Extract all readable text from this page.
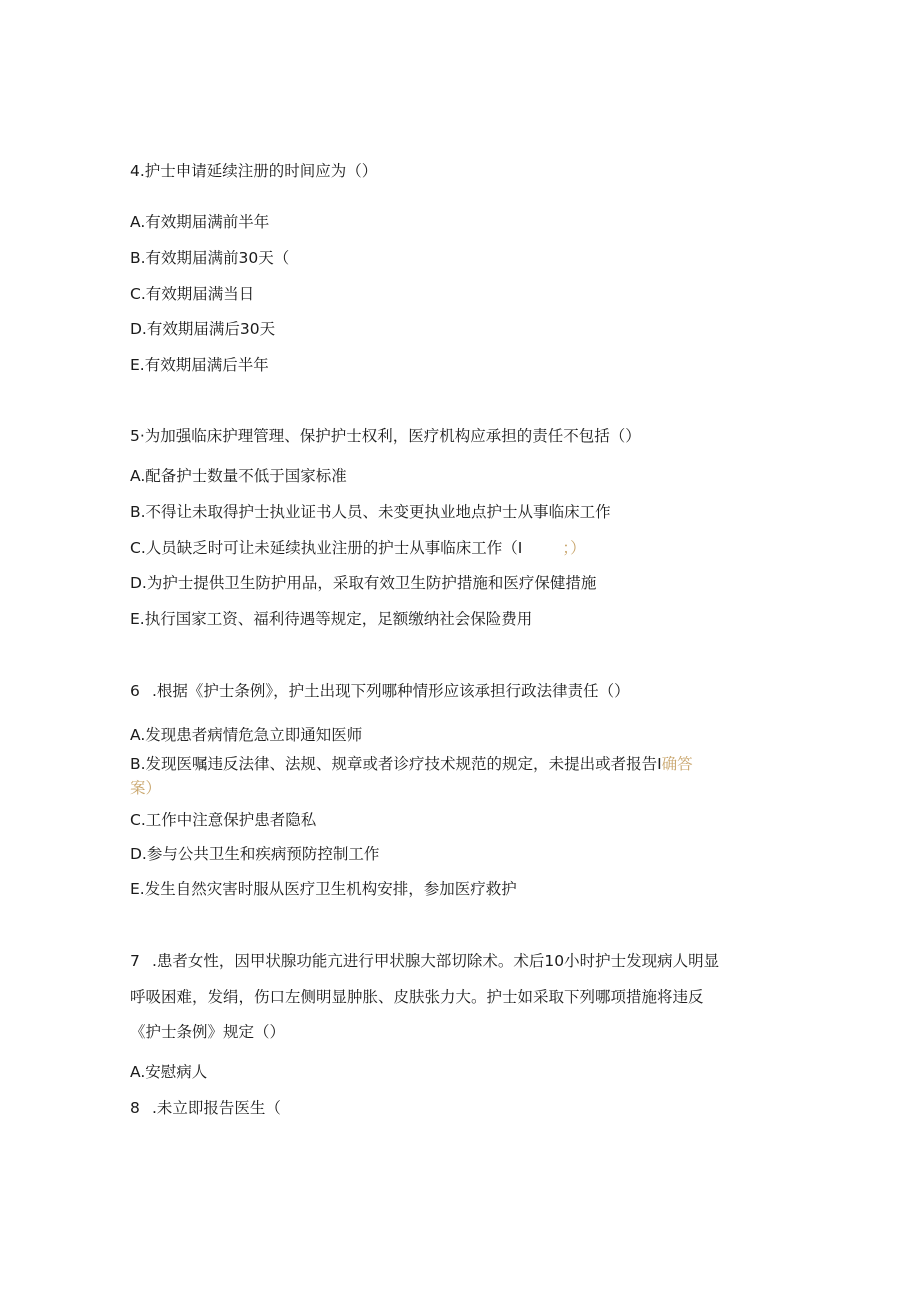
4.护士申请延续注册的时间应为（）
A.有效期届满前半年
B.有效期届满前30天（
C.有效期届满当日
D.有效期届满后30天
E.有效期届满后半年
5·为加强临床护理管理、保护护士权利，医疗机构应承担的责任不包括（）
A.配备护士数量不低于国家标准
B.不得让未取得护士执业证书人员、未变更执业地点护士从事临床工作
C.人员缺乏时可让未延续执业注册的护士从事临床工作（I	；）
D.为护士提供卫生防护用品，采取有效卫生防护措施和医疗保健措施
E.执行国家工资、福利待遇等规定，足额缴纳社会保险费用
6 .根据《护士条例》，护土出现下列哪种情形应该承担行政法律责任（）
A.发现患者病情危急立即通知医师
B.发现医嘱违反法律、法规、规章或者诊疗技术规范的规定，未提出或者报告I确答
案）
C.工作中注意保护患者隐私
D.参与公共卫生和疾病预防控制工作
E.发生自然灾害时服从医疗卫生机构安排，参加医疗救护
7 .患者女性，因甲状腺功能亢进行甲状腺大部切除术。术后10小时护士发现病人明显
呼吸困难，发绢，伤口左侧明显肿胀、皮肤张力大。护士如采取下列哪项措施将违反
《护士条例》规定（）
A.安慰病人
8 .未立即报告医生（
